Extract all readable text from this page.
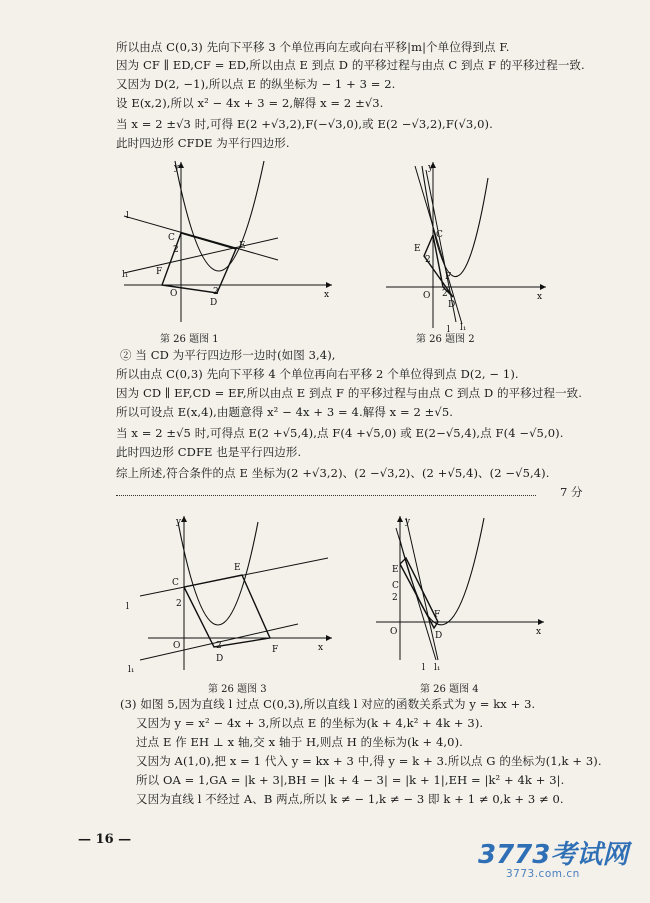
所以由点 C(0,3) 先向下平移 3 个单位再向左或向右平移|m|个单位得到点 F.
因为 CF ∥ ED,CF = ED,所以由点 E 到点 D 的平移过程与由点 C 到点 F 的平移过程一致.
又因为 D(2, −1),所以点 E 的纵坐标为 − 1 + 3 = 2.
设 E(x,2),所以 x² − 4x + 3 = 2,解得 x = 2 ±√3.
当 x = 2 ±√3 时,可得 E(2 +√3,2),F(−√3,0),或 E(2 −√3,2),F(√3,0).
此时四边形 CFDE 为平行四边形.
y
x
l
l₁
C
E
F
O
D
2
2
第 26 题图 1
y
x
C
E
F
O
D
2
2
l l₁
第 26 题图 2
② 当 CD 为平行四边形一边时(如图 3,4),
所以由点 C(0,3) 先向下平移 4 个单位再向右平移 2 个单位得到点 D(2, − 1).
因为 CD ∥ EF,CD = EF,所以由点 E 到点 F 的平移过程与由点 C 到点 D 的平移过程一致.
所以可设点 E(x,4),由题意得 x² − 4x + 3 = 4.解得 x = 2 ±√5.
当 x = 2 ±√5 时,可得点 E(2 +√5,4),点 F(4 +√5,0) 或 E(2−√5,4),点 F(4 −√5,0).
此时四边形 CDFE 也是平行四边形.
综上所述,符合条件的点 E 坐标为(2 +√3,2)、(2 −√3,2)、(2 +√5,4)、(2 −√5,4).
7 分
y
x
l
l₁
C
E
F
O
D
2
2
第 26 题图 3
y
x
E
C
F
O	D
2
l l₁
第 26 题图 4
(3) 如图 5,因为直线 l 过点 C(0,3),所以直线 l 对应的函数关系式为 y = kx + 3.
又因为 y = x² − 4x + 3,所以点 E 的坐标为(k + 4,k² + 4k + 3).
过点 E 作 EH ⊥ x 轴,交 x 轴于 H,则点 H 的坐标为(k + 4,0).
又因为 A(1,0),把 x = 1 代入 y = kx + 3 中,得 y = k + 3.所以点 G 的坐标为(1,k + 3).
所以 OA = 1,GA = |k + 3|,BH = |k + 4 − 3| = |k + 1|,EH = |k² + 4k + 3|.
又因为直线 l 不经过 A、B 两点,所以 k ≠ − 1,k ≠ − 3 即 k + 1 ≠ 0,k + 3 ≠ 0.
— 16 —
3773考试网
3773.com.cn
